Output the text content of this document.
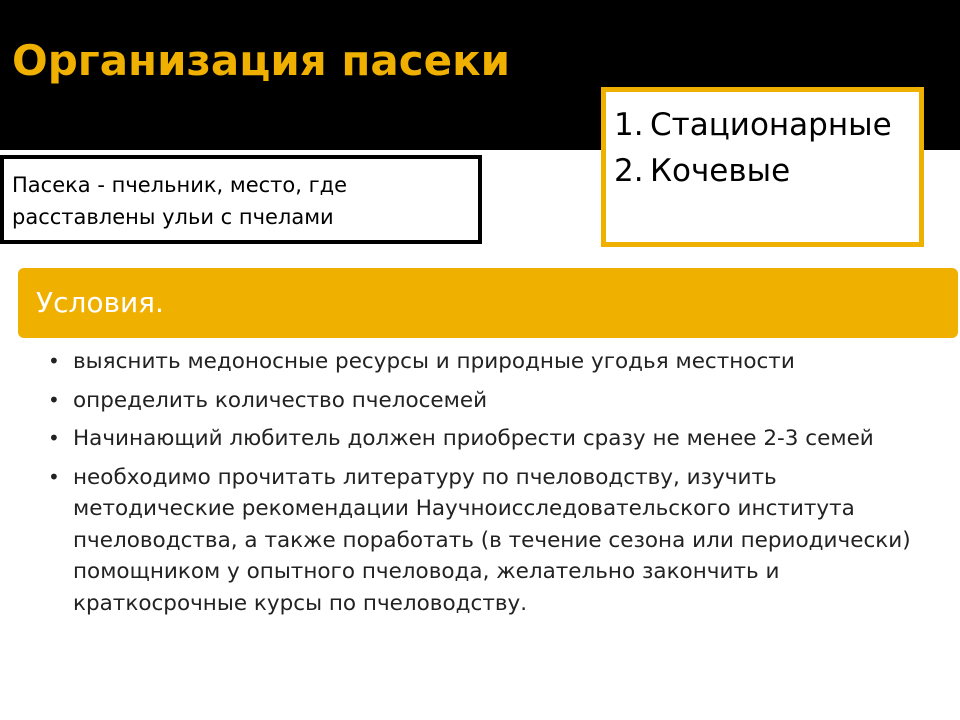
Организация пасеки
1. Стационарные
2. Кочевые
Пасека - пчельник, место, где расставлены ульи с пчелами
Условия.
• выяснить медоносные ресурсы и природные угодья местности
• определить количество пчелосемей
• Начинающий любитель должен приобрести сразу не менее 2-3 семей
• необходимо прочитать литературу по пчеловодству, изучить методические рекомендации Научноисследовательского института пчеловодства, а также поработать (в течение сезона или периодически) помощником у опытного пчеловода, желательно закончить и краткосрочные курсы по пчеловодству.
